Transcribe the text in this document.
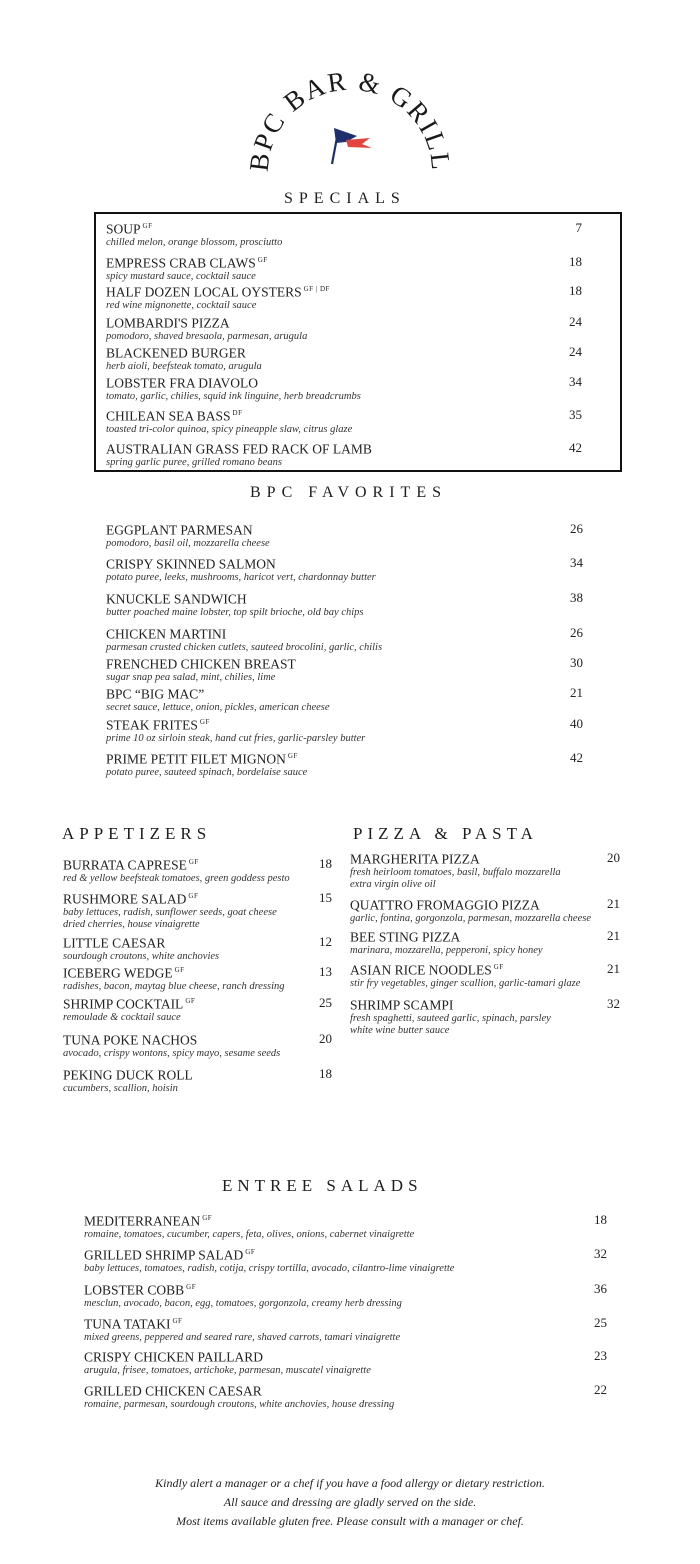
BPC BAR & GRILL
SPECIALS
SOUP $^{GF}$
chilled melon, orange blossom, prosciutto
7
EMPRESS CRAB CLAWS $^{GF}$
spicy mustard sauce, cocktail sauce
18
HALF DOZEN LOCAL OYSTERS $^{GF | DF}$
red wine mignonette, cocktail sauce
18
LOMBARDI'S PIZZA
pomodoro, shaved bresaola, parmesan, arugula
24
BLACKENED BURGER
herb aioli, beefsteak tomato, arugula
24
LOBSTER FRA DIAVOLO
tomato, garlic, chilies, squid ink linguine, herb breadcrumbs
34
CHILEAN SEA BASS $^{DF}$
toasted tri-color quinoa, spicy pineapple slaw, citrus glaze
35
AUSTRALIAN GRASS FED RACK OF LAMB
spring garlic puree, grilled romano beans
42
BPC FAVORITES
EGGPLANT PARMESAN
pomodoro, basil oil, mozzarella cheese
26
CRISPY SKINNED SALMON
potato puree, leeks, mushrooms, haricot vert, chardonnay butter
34
KNUCKLE SANDWICH
butter poached maine lobster, top spilt brioche, old bay chips
38
CHICKEN MARTINI
parmesan crusted chicken cutlets, sauteed brocolini, garlic, chilis
26
FRENCHED CHICKEN BREAST
sugar snap pea salad, mint, chilies, lime
30
BPC “BIG MAC”
secret sauce, lettuce, onion, pickles, american cheese
21
STEAK FRITES $^{GF}$
prime 10 oz sirloin steak, hand cut fries, garlic-parsley butter
40
PRIME PETIT FILET MIGNON $^{GF}$
potato puree, sauteed spinach, bordelaise sauce
42
APPETIZERS	PIZZA & PASTA
BURRATA CAPRESE $^{GF}$
red & yellow beefsteak tomatoes, green goddess pesto
18
RUSHMORE SALAD $^{GF}$
baby lettuces, radish, sunflower seeds, goat cheese
dried cherries, house vinaigrette
15
LITTLE CAESAR
sourdough croutons, white anchovies
12
ICEBERG WEDGE $^{GF}$
radishes, bacon, maytag blue cheese, ranch dressing
13
SHRIMP COCKTAIL $^{GF}$
remoulade & cocktail sauce
25
TUNA POKE NACHOS
avocado, crispy wontons, spicy mayo, sesame seeds
20
PEKING DUCK ROLL
cucumbers, scallion, hoisin
18
MARGHERITA PIZZA
fresh heirloom tomatoes, basil, buffalo mozzarella
extra virgin olive oil
20
QUATTRO FROMAGGIO PIZZA
garlic, fontina, gorgonzola, parmesan, mozzarella cheese
21
BEE STING PIZZA
marinara, mozzarella, pepperoni, spicy honey
21
ASIAN RICE NOODLES $^{GF}$
stir fry vegetables, ginger scallion, garlic-tamari glaze
21
SHRIMP SCAMPI
fresh spaghetti, sauteed garlic, spinach, parsley
white wine butter sauce
32
ENTREE SALADS
MEDITERRANEAN $^{GF}$
romaine, tomatoes, cucumber, capers, feta, olives, onions, cabernet vinaigrette
18
GRILLED SHRIMP SALAD $^{GF}$
baby lettuces, tomatoes, radish, cotija, crispy tortilla, avocado, cilantro-lime vinaigrette
32
LOBSTER COBB $^{GF}$
mesclun, avocado, bacon, egg, tomatoes, gorgonzola, creamy herb dressing
36
TUNA TATAKI $^{GF}$
mixed greens, peppered and seared rare, shaved carrots, tamari vinaigrette
25
CRISPY CHICKEN PAILLARD
arugula, frisee, tomatoes, artichoke, parmesan, muscatel vinaigrette
23
GRILLED CHICKEN CAESAR
romaine, parmesan, sourdough croutons, white anchovies, house dressing
22
Kindly alert a manager or a chef if you have a food allergy or dietary restriction.
All sauce and dressing are gladly served on the side.
Most items available gluten free. Please consult with a manager or chef.
